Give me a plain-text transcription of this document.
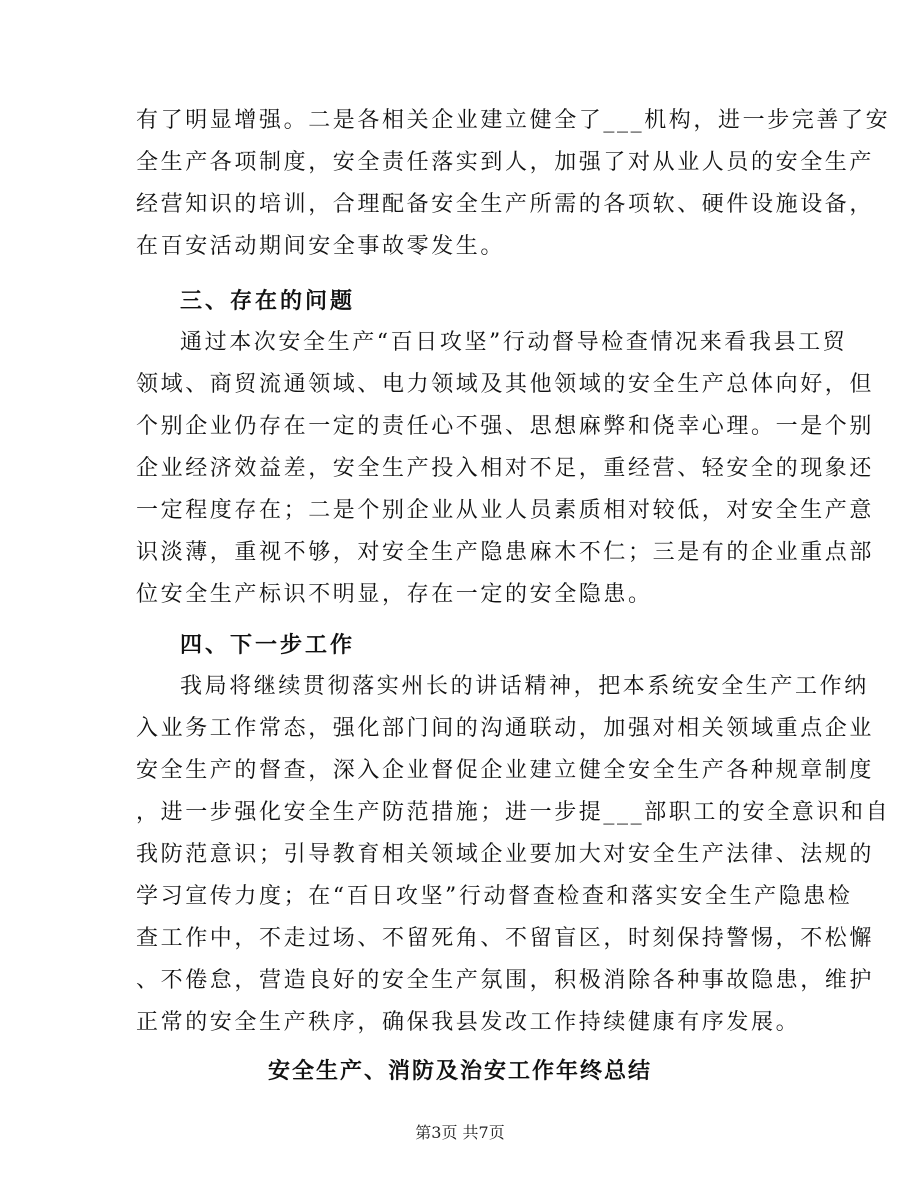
有了明显增强。二是各相关企业建立健全了___机构，进一步完善了安
全生产各项制度，安全责任落实到人，加强了对从业人员的安全生产
经营知识的培训，合理配备安全生产所需的各项软、硬件设施设备，
在百安活动期间安全事故零发生。
三、存在的问题
通过本次安全生产“百日攻坚”行动督导检查情况来看我县工贸
领域、商贸流通领域、电力领域及其他领域的安全生产总体向好，但
个别企业仍存在一定的责任心不强、思想麻弊和侥幸心理。一是个别
企业经济效益差，安全生产投入相对不足，重经营、轻安全的现象还
一定程度存在；二是个别企业从业人员素质相对较低，对安全生产意
识淡薄，重视不够，对安全生产隐患麻木不仁；三是有的企业重点部
位安全生产标识不明显，存在一定的安全隐患。
四、下一步工作
我局将继续贯彻落实州长的讲话精神，把本系统安全生产工作纳
入业务工作常态，强化部门间的沟通联动，加强对相关领域重点企业
安全生产的督查，深入企业督促企业建立健全安全生产各种规章制度
，进一步强化安全生产防范措施；进一步提___部职工的安全意识和自
我防范意识；引导教育相关领域企业要加大对安全生产法律、法规的
学习宣传力度；在“百日攻坚”行动督查检查和落实安全生产隐患检
查工作中，不走过场、不留死角、不留盲区，时刻保持警惕，不松懈
、不倦怠，营造良好的安全生产氛围，积极消除各种事故隐患，维护
正常的安全生产秩序，确保我县发改工作持续健康有序发展。
安全生产、消防及治安工作年终总结
第3页 共7页
